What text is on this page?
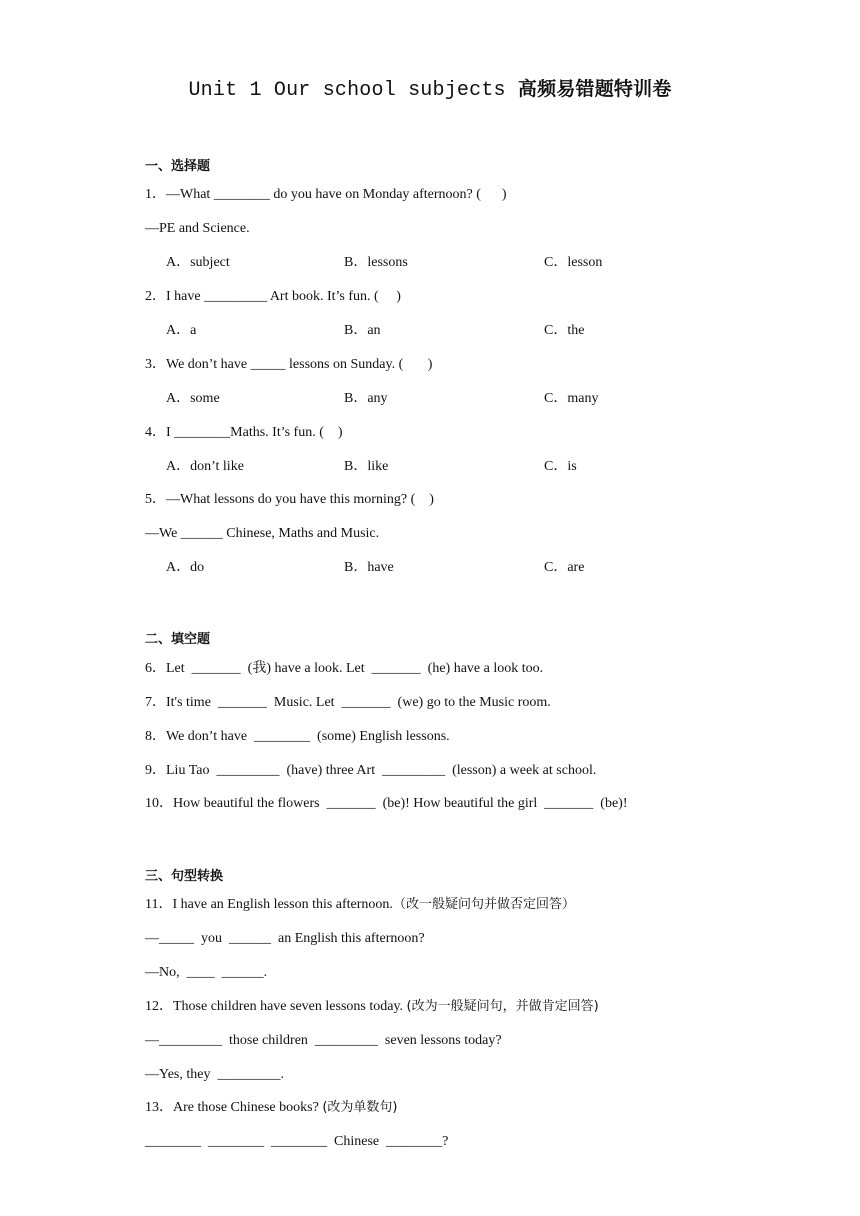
Unit 1 Our school subjects 高频易错题特训卷
一、选择题
1．—What ________ do you have on Monday afternoon? (      )
—PE and Science.
A．subject	B．lessons	C．lesson
2．I have _________ Art book. It’s fun. (     )
A．a	B．an	C．the
3．We don’t have _____ lessons on Sunday. (       )
A．some	B．any	C．many
4．I ________Maths. It’s fun. (    )
A．don’t like	B．like	C．is
5．—What lessons do you have this morning? (    )
—We ______ Chinese, Maths and Music.
A．do	B．have	C．are
二、填空题
6．Let  _______  (我) have a look. Let  _______  (he) have a look too.
7．It's time  _______  Music. Let  _______  (we) go to the Music room.
8．We don’t have  ________  (some) English lessons.
9．Liu Tao  _________  (have) three Art  _________  (lesson) a week at school.
10．How beautiful the flowers  _______  (be)! How beautiful the girl  _______  (be)!
三、句型转换
11．I have an English lesson this afternoon.（改一般疑问句并做否定回答）
—_____  you  ______  an English this afternoon?
—No,  ____  ______.
12．Those children have seven lessons today. (改为一般疑问句，并做肯定回答)
—_________  those children  _________  seven lessons today?
—Yes, they  _________.
13．Are those Chinese books? (改为单数句)
________  ________  ________  Chinese  ________?
